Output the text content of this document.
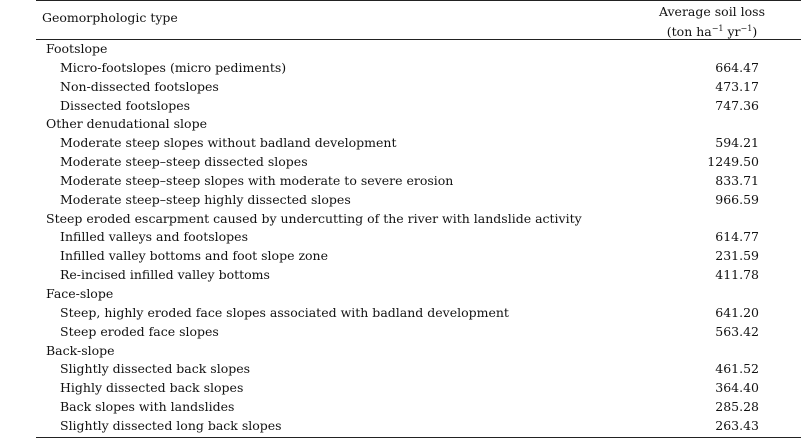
Geomorphologic type	Average soil loss
(ton $ha^{-1}$ $yr^{-1}$)
Footslope
Micro-footslopes (micro pediments)	664.47
Non-dissected footslopes	473.17
Dissected footslopes	747.36
Other denudational slope
Moderate steep slopes without badland development	594.21
Moderate steep–steep dissected slopes	1249.50
Moderate steep–steep slopes with moderate to severe erosion	833.71
Moderate steep–steep highly dissected slopes	966.59
Steep eroded escarpment caused by undercutting of the river with landslide activity
Infilled valleys and footslopes	614.77
Infilled valley bottoms and foot slope zone	231.59
Re-incised infilled valley bottoms	411.78
Face-slope
Steep, highly eroded face slopes associated with badland development	641.20
Steep eroded face slopes	563.42
Back-slope
Slightly dissected back slopes	461.52
Highly dissected back slopes	364.40
Back slopes with landslides	285.28
Slightly dissected long back slopes	263.43
